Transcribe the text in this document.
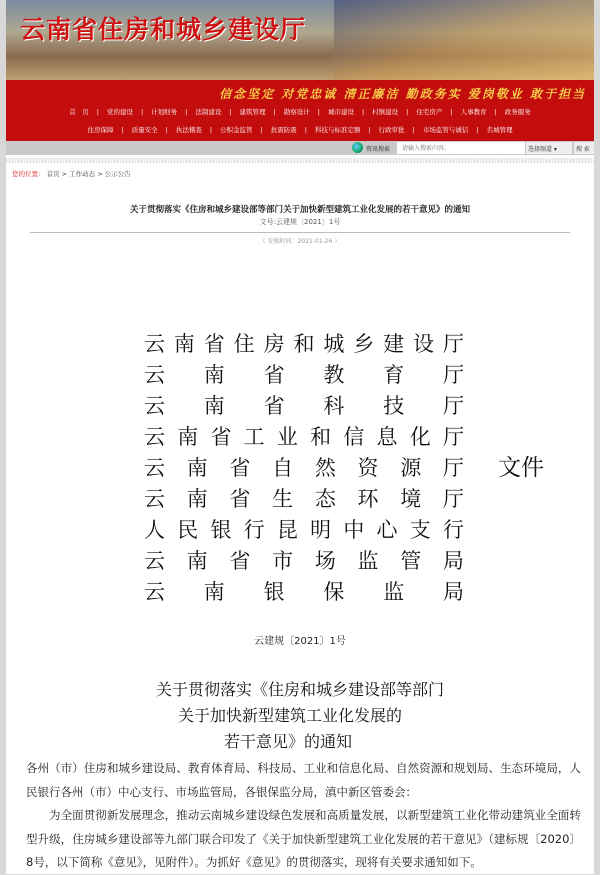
云南省住房和城乡建设厅
信念坚定 对党忠诚 清正廉洁 勤政务实 爱岗敬业 敢于担当
首　页 | 党的建设 | 计划财务 | 法制建设 | 建筑管理 | 勘察设计 | 城市建设 | 村镇建设 | 住宅房产 | 人事教育 | 政务服务
住房保障 | 质量安全 | 执法稽查 | 公积金监管 | 抗震防震 | 科技与标准定额 | 行政审批 | 市场监管与诚信 | 名城管理
资讯搜索
请输入搜索内容。	选择频道 ▾	搜 索
您的位置： 首页 > 工作动态 > 公示公告
关于贯彻落实《住房和城乡建设部等部门关于加快新型建筑工业化发展的若干意见》的通知
文号:云建规〔2021〕1号
（ 发稿时间：2021-01-26 ）
云 南 省 住 房 和 城 乡 建 设 厅
云 南 省 教 育 厅
云 南 省 科 技 厅
云 南 省 工 业 和 信 息 化 厅
云 南 省 自 然 资 源 厅
云 南 省 生 态 环 境 厅
人 民 银 行 昆 明 中 心 支 行
云 南 省 市 场 监 管 局
云 南 银 保 监 局
文件
云建规〔2021〕1号
关于贯彻落实《住房和城乡建设部等部门
关于加快新型建筑工业化发展的
若干意见》的通知

各州（市）住房和城乡建设局、教育体育局、科技局、工业和信息化局、自然资源和规划局、生态环境局，人民银行各州（市）中心支行、市场监管局，各银保监分局，滇中新区管委会：

为全面贯彻新发展理念，推动云南城乡建设绿色发展和高质量发展，以新型建筑工业化带动建筑业全面转型升级，住房城乡建设部等九部门联合印发了《关于加快新型建筑工业化发展的若干意见》（建标规〔2020〕8号，以下简称《意见》，见附件）。为抓好《意见》的贯彻落实，现将有关要求通知如下。
